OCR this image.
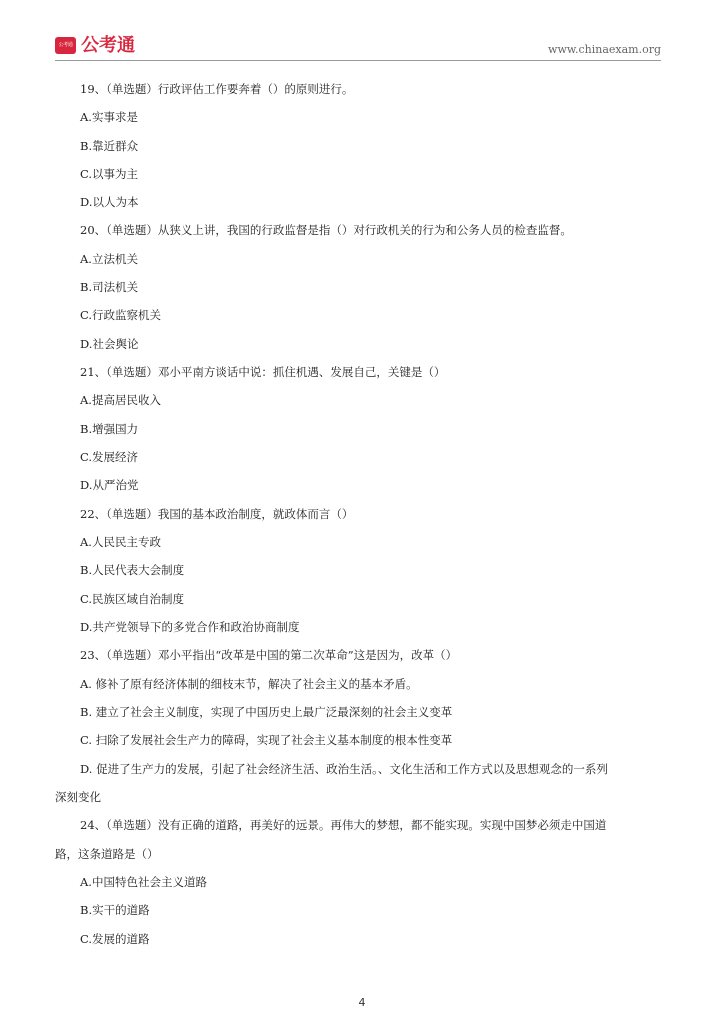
公考通 公考通	www.chinaexam.org
19、（单选题）行政评估工作要奔着（）的原则进行。
A.实事求是
B.靠近群众
C.以事为主
D.以人为本
20、（单选题）从狭义上讲，我国的行政监督是指（）对行政机关的行为和公务人员的检查监督。
A.立法机关
B.司法机关
C.行政监察机关
D.社会舆论
21、（单选题）邓小平南方谈话中说：抓住机遇、发展自己，关键是（）
A.提高居民收入
B.增强国力
C.发展经济
D.从严治党
22、（单选题）我国的基本政治制度，就政体而言（）
A.人民民主专政
B.人民代表大会制度
C.民族区域自治制度
D.共产党领导下的多党合作和政治协商制度
23、（单选题）邓小平指出“改革是中国的第二次革命”这是因为，改革（）
A. 修补了原有经济体制的细枝末节，解决了社会主义的基本矛盾。
B. 建立了社会主义制度，实现了中国历史上最广泛最深刻的社会主义变革
C. 扫除了发展社会生产力的障碍，实现了社会主义基本制度的根本性变革
D. 促进了生产力的发展，引起了社会经济生活、政治生活。、文化生活和工作方式以及思想观念的一系列
深刻变化
24、（单选题）没有正确的道路，再美好的远景。再伟大的梦想，都不能实现。实现中国梦必须走中国道
路，这条道路是（）
A.中国特色社会主义道路
B.实干的道路
C.发展的道路
4
